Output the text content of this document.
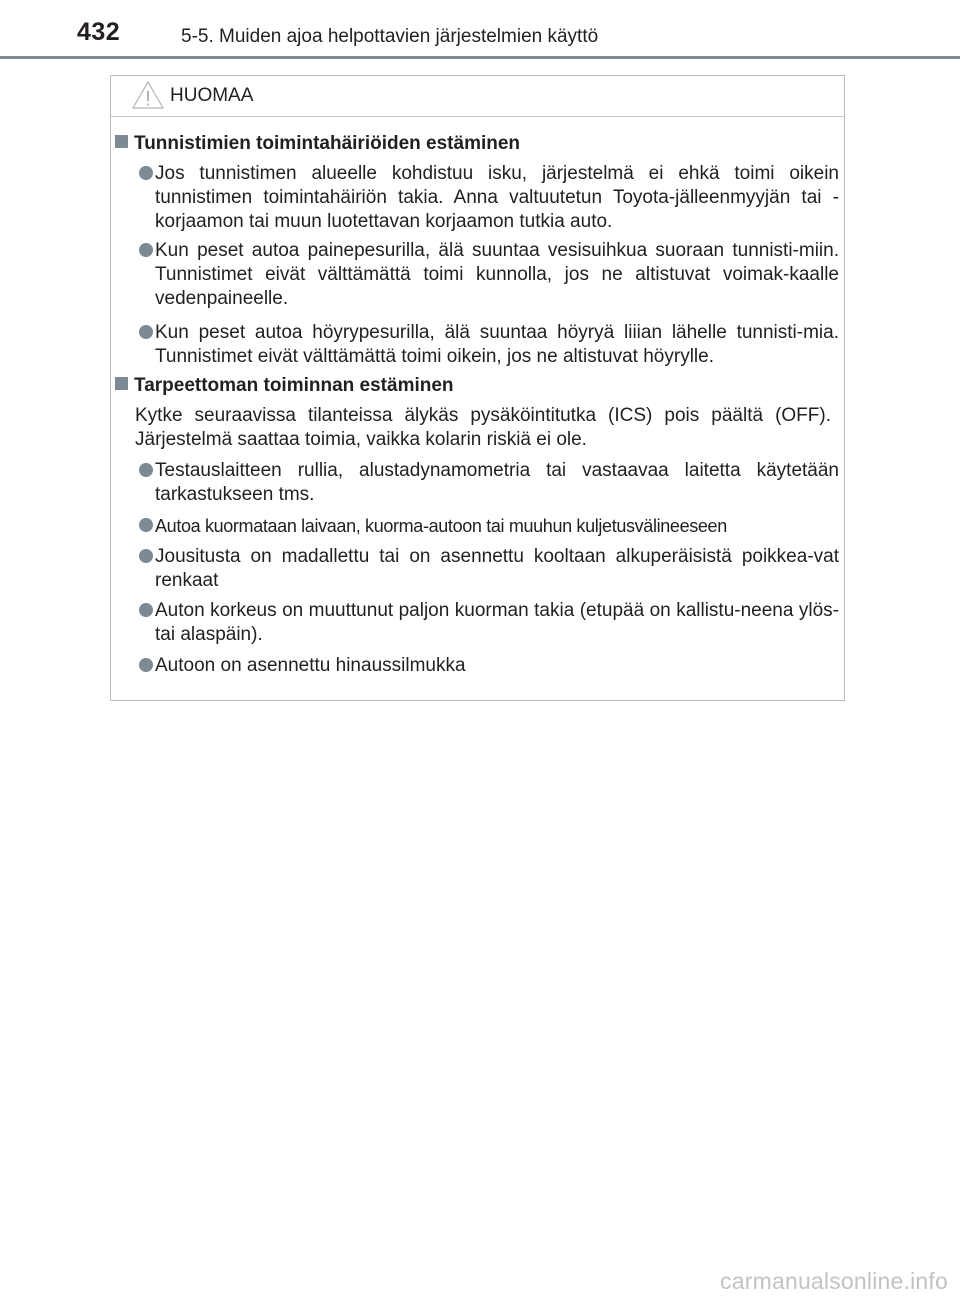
432	5-5. Muiden ajoa helpottavien järjestelmien käyttö
HUOMAA
Tunnistimien toimintahäiriöiden estäminen
Jos tunnistimen alueelle kohdistuu isku, järjestelmä ei ehkä toimi oikein tunnistimen toimintahäiriön takia. Anna valtuutetun Toyota-jälleenmyyjän tai -korjaamon tai muun luotettavan korjaamon tutkia auto.
Kun peset autoa painepesurilla, älä suuntaa vesisuihkua suoraan tunnisti-miin. Tunnistimet eivät välttämättä toimi kunnolla, jos ne altistuvat voimak-kaalle vedenpaineelle.
Kun peset autoa höyrypesurilla, älä suuntaa höyryä liiian lähelle tunnisti-mia. Tunnistimet eivät välttämättä toimi oikein, jos ne altistuvat höyrylle.
Tarpeettoman toiminnan estäminen
Kytke seuraavissa tilanteissa älykäs pysäköintitutka (ICS) pois päältä (OFF). Järjestelmä saattaa toimia, vaikka kolarin riskiä ei ole.
Testauslaitteen rullia, alustadynamometria tai vastaavaa laitetta käytetään tarkastukseen tms.
Autoa kuormataan laivaan, kuorma-autoon tai muuhun kuljetusvälineeseen
Jousitusta on madallettu tai on asennettu kooltaan alkuperäisistä poikkea-vat renkaat
Auton korkeus on muuttunut paljon kuorman takia (etupää on kallistu-neena ylös- tai alaspäin).
Autoon on asennettu hinaussilmukka
carmanualsonline.info
